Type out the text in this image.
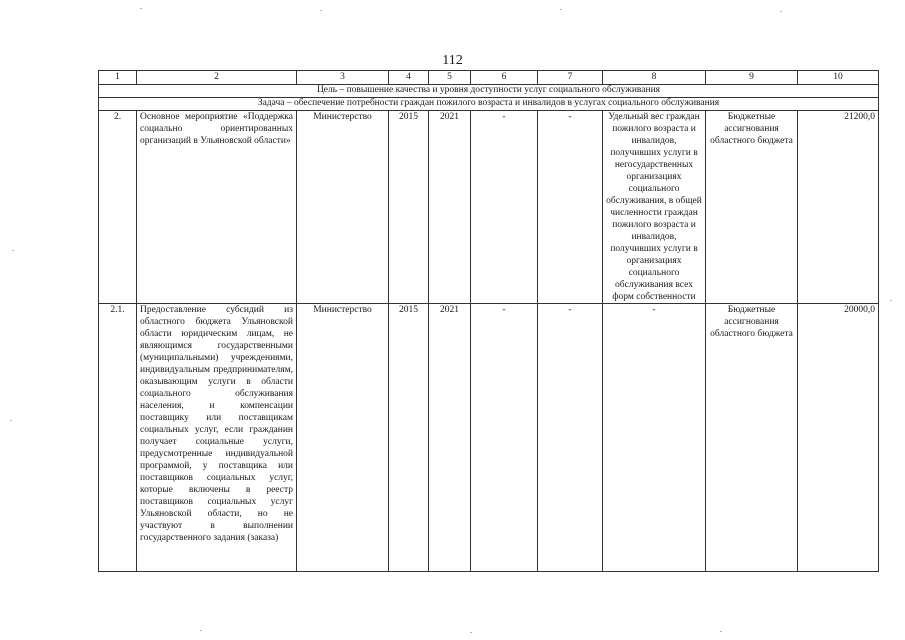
112
1	2	3	4	5	6	7	8	9	10
Цель – повышение качества и уровня доступности услуг социального обслуживания									
Задача – обеспечение потребности граждан пожилого возраста и инвалидов в услугах социального обслуживания									
2.	Основное мероприятие «Поддержка социально ориентированных организаций в Ульяновской области»	Министерство	2015	2021	-	-	Удельный вес граждан пожилого возраста и инвалидов, получивших услуги в негосударственных организациях социального обслуживания, в общей численности граждан пожилого возраста и инвалидов, получивших услуги в организациях социального обслуживания всех форм собственности	Бюджетные ассигнования областного бюджета	21200,0
2.1.	Предоставление субсидий из областного бюджета Ульяновской области юридическим лицам, не являющимся государственными (муниципальными) учреждениями, индивидуальным предпринимателям, оказывающим услуги в области социального обслуживания населения, и компенсации поставщику или поставщикам социальных услуг, если гражданин получает социальные услуги, предусмотренные индивидуальной программой, у поставщика или поставщиков социальных услуг, которые включены в реестр поставщиков социальных услуг Ульяновской области, но не участвуют в выполнении государственного задания (заказа)	Министерство	2015	2021	-	-	-	Бюджетные ассигнования областного бюджета	20000,0
